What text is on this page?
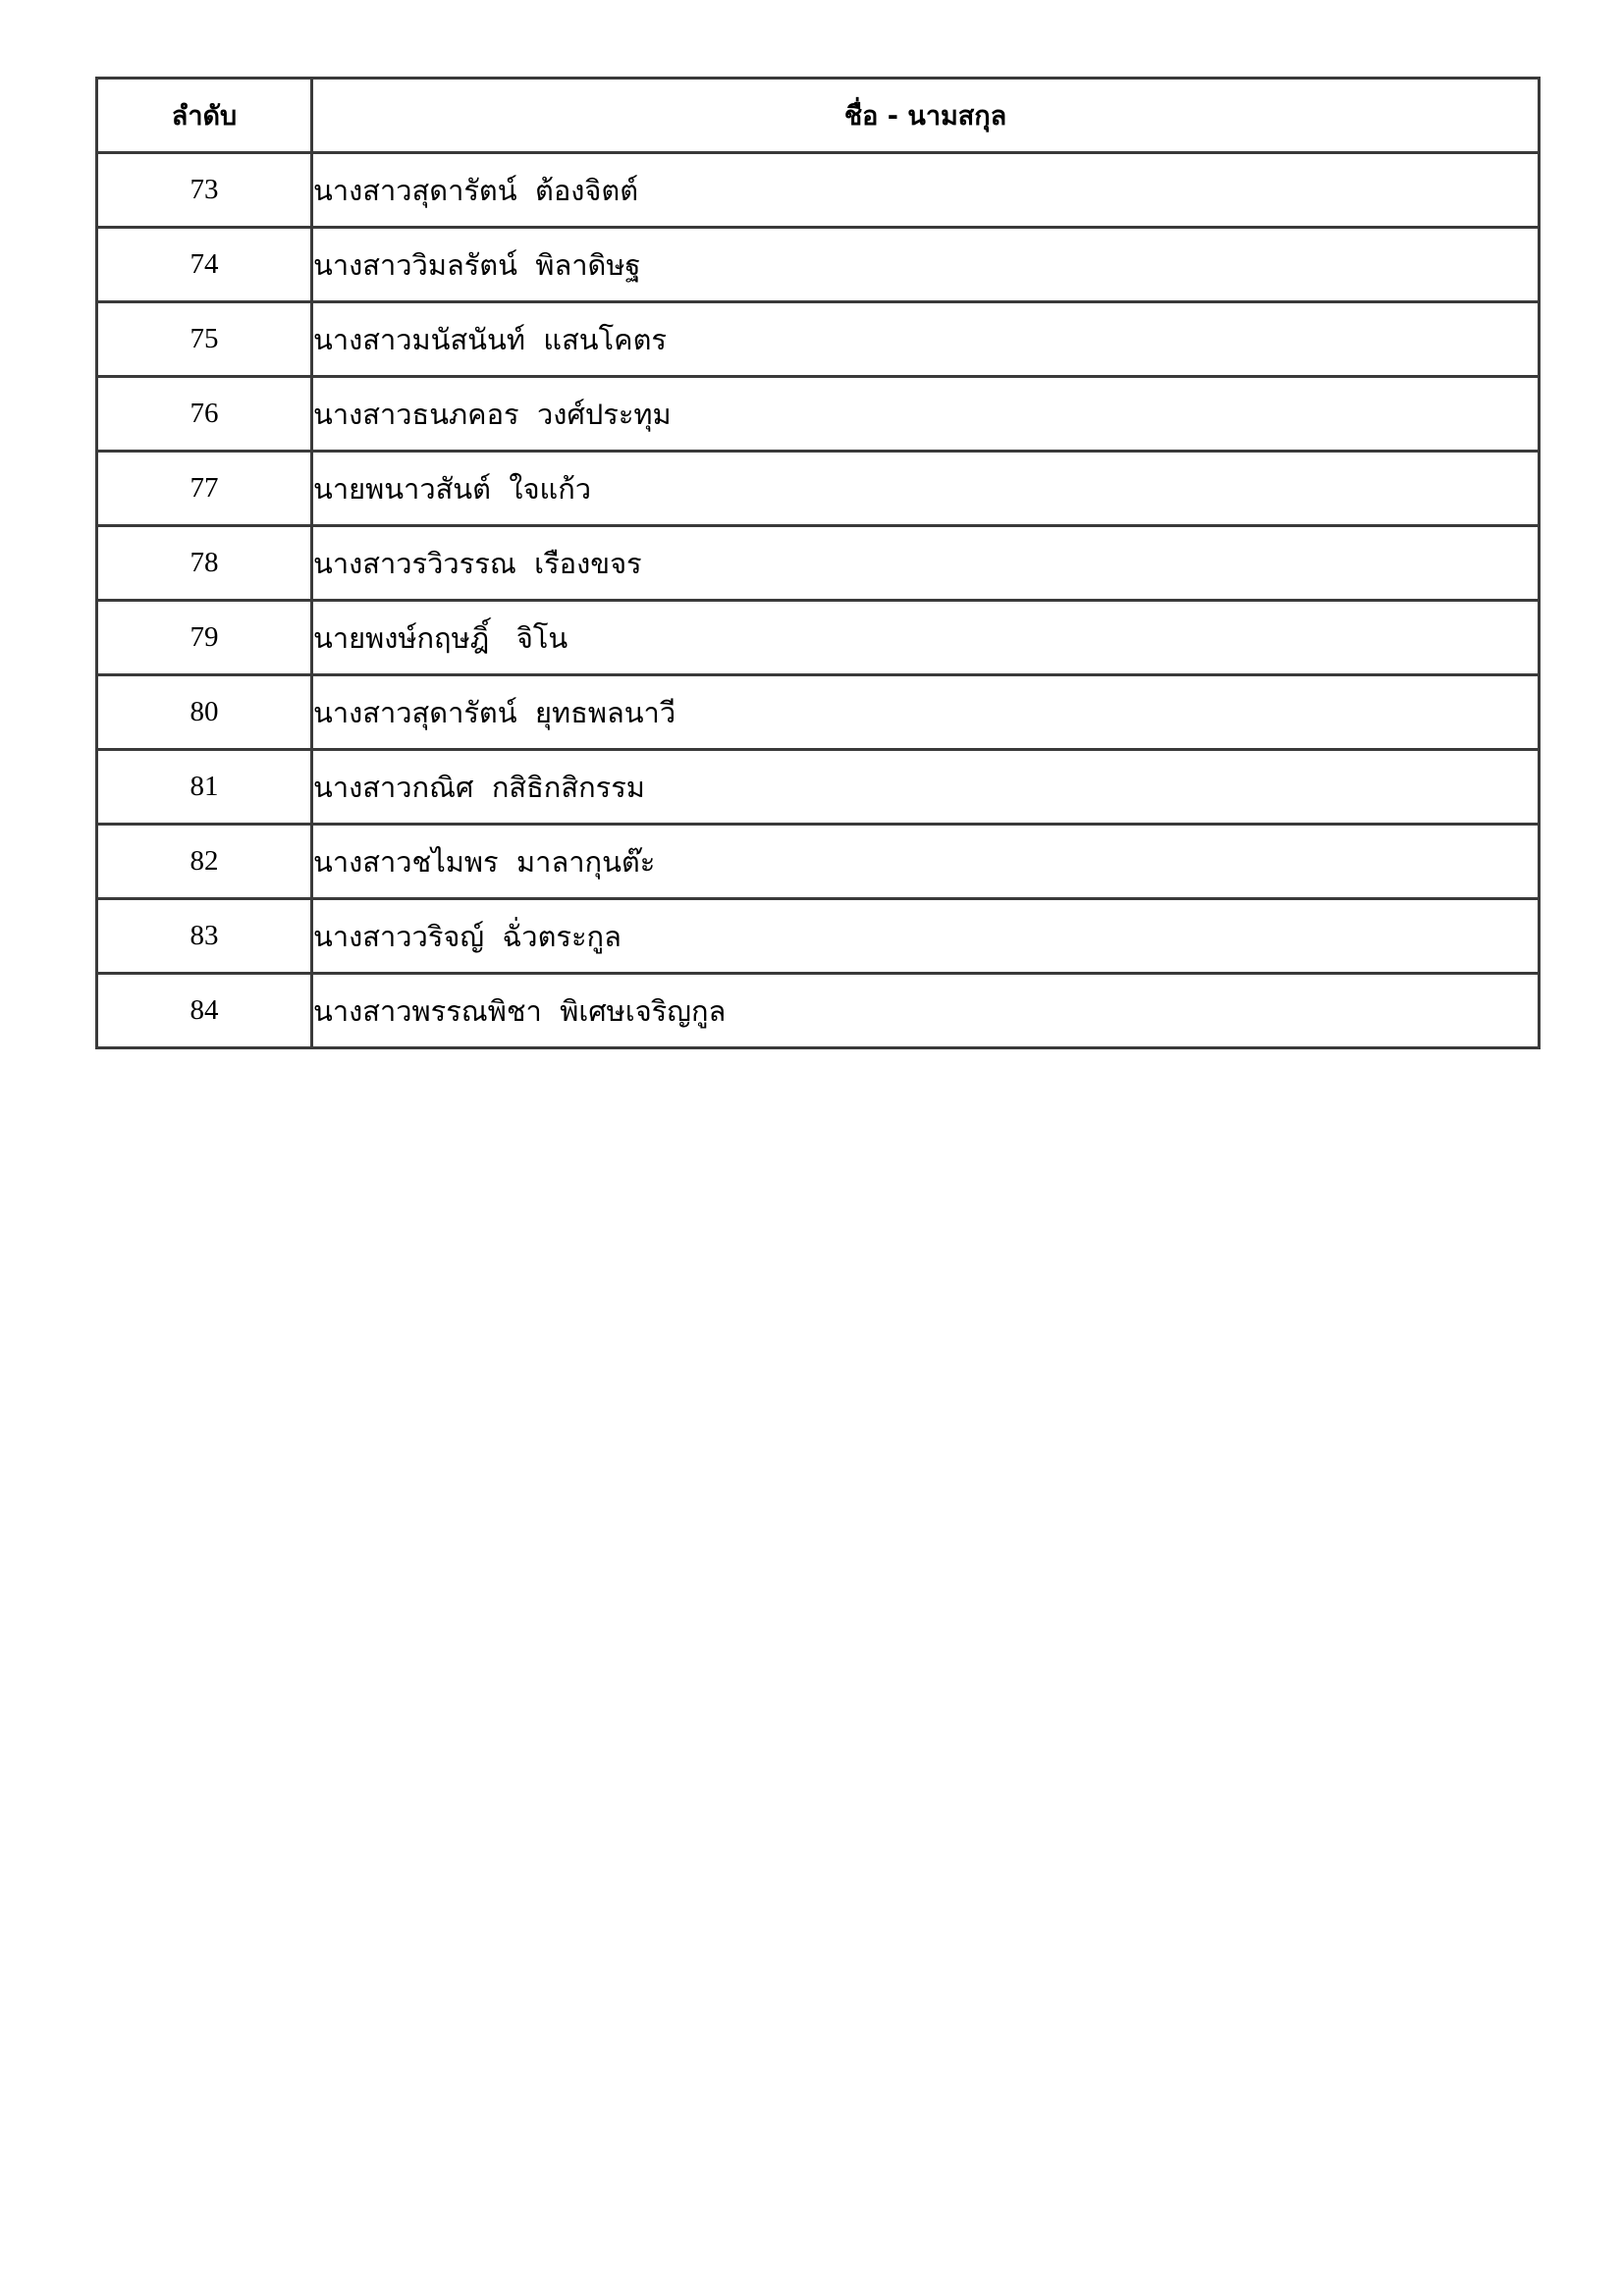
ลำดับ	ชื่อ - นามสกุล
73	นางสาวสุดารัตน์  ต้องจิตต์
74	นางสาววิมลรัตน์  พิลาดิษฐ
75	นางสาวมนัสนันท์  แสนโคตร
76	นางสาวธนภคอร  วงศ์ประทุม
77	นายพนาวสันต์  ใจแก้ว
78	นางสาวรวิวรรณ  เรืองขจร
79	นายพงษ์กฤษฎิ์   จิโน
80	นางสาวสุดารัตน์  ยุทธพลนาวี
81	นางสาวกณิศ  กสิธิกสิกรรม
82	นางสาวชไมพร  มาลากุนต๊ะ
83	นางสาววริจญ์  ฉั่วตระกูล
84	นางสาวพรรณพิชา  พิเศษเจริญกูล
